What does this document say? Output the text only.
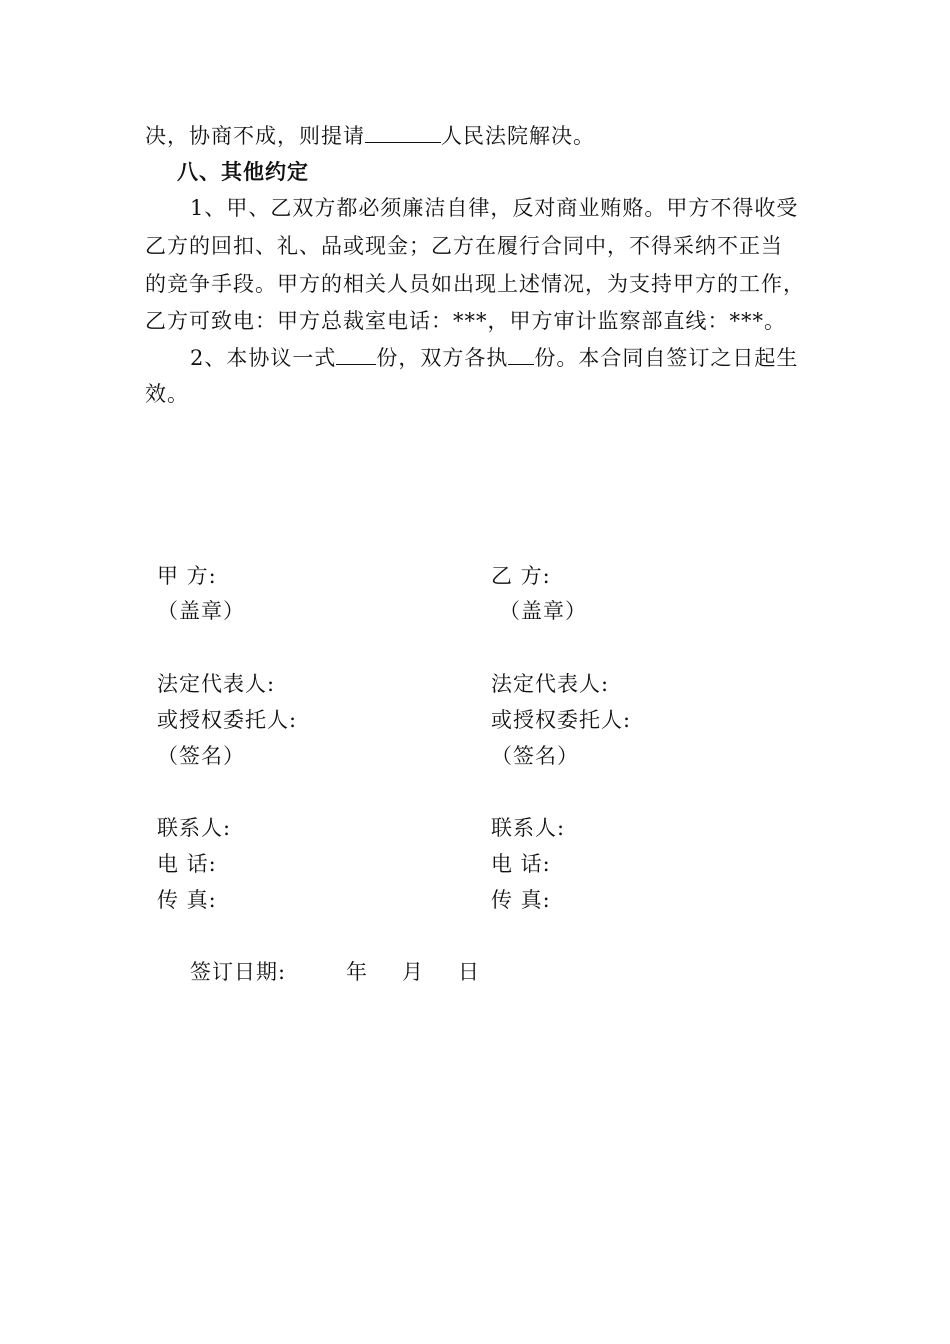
决，协商不成，则提请	人民法院解决。
八、其他约定
1、甲、乙双方都必须廉洁自律，反对商业贿赂。甲方不得收受
乙方的回扣、礼、品或现金；乙方在履行合同中，不得采纳不正当
的竞争手段。甲方的相关人员如出现上述情况，为支持甲方的工作，
乙方可致电：甲方总裁室电话：***，甲方审计监察部直线：***。
2、本协议一式 份，双方各执 份。本合同自签订之日起生
效。
甲 方:
（盖章）
法定代表人:
或授权委托人:
（签名）
联系人:
电 话:
传 真:
乙 方:
（盖章）
法定代表人:
或授权委托人:
（签名）
联系人:
电 话:
传 真:
签订日期:	年 月 日
